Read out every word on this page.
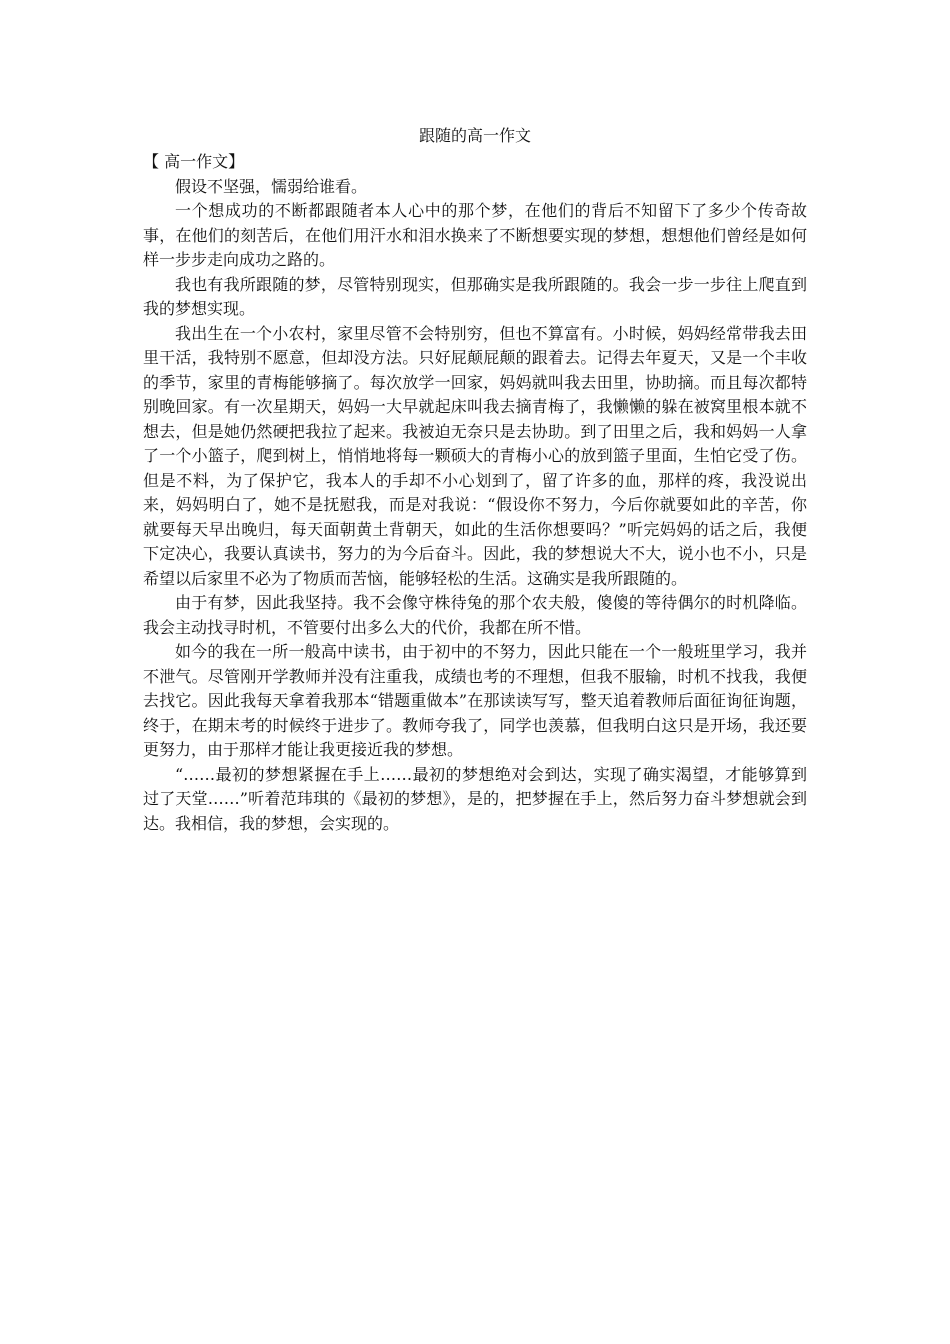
跟随的高一作文

【 高一作文】

假设不坚强，懦弱给谁看。

一个想成功的不断都跟随者本人心中的那个梦，在他们的背后不知留下了多少个传奇故事，在他们的刻苦后，在他们用汗水和泪水换来了不断想要实现的梦想，想想他们曾经是如何样一步步走向成功之路的。

我也有我所跟随的梦，尽管特别现实，但那确实是我所跟随的。我会一步一步往上爬直到我的梦想实现。

我出生在一个小农村，家里尽管不会特别穷，但也不算富有。小时候，妈妈经常带我去田里干活，我特别不愿意，但却没方法。只好屁颠屁颠的跟着去。记得去年夏天，又是一个丰收的季节，家里的青梅能够摘了。每次放学一回家，妈妈就叫我去田里，协助摘。而且每次都特别晚回家。有一次星期天，妈妈一大早就起床叫我去摘青梅了，我懒懒的躲在被窝里根本就不想去，但是她仍然硬把我拉了起来。我被迫无奈只是去协助。到了田里之后，我和妈妈一人拿了一个小篮子，爬到树上，悄悄地将每一颗硕大的青梅小心的放到篮子里面，生怕它受了伤。但是不料，为了保护它，我本人的手却不小心划到了，留了许多的血，那样的疼，我没说出来，妈妈明白了，她不是抚慰我，而是对我说：“假设你不努力，今后你就要如此的辛苦，你就要每天早出晚归，每天面朝黄土背朝天，如此的生活你想要吗？”听完妈妈的话之后，我便下定决心，我要认真读书，努力的为今后奋斗。因此，我的梦想说大不大，说小也不小，只是希望以后家里不必为了物质而苦恼，能够轻松的生活。这确实是我所跟随的。

由于有梦，因此我坚持。我不会像守株待兔的那个农夫般，傻傻的等待偶尔的时机降临。我会主动找寻时机，不管要付出多么大的代价，我都在所不惜。

如今的我在一所一般高中读书，由于初中的不努力，因此只能在一个一般班里学习，我并不泄气。尽管刚开学教师并没有注重我，成绩也考的不理想，但我不服输，时机不找我，我便去找它。因此我每天拿着我那本“错题重做本”在那读读写写，整天追着教师后面征询征询题，终于，在期末考的时候终于进步了。教师夸我了，同学也羡慕，但我明白这只是开场，我还要更努力，由于那样才能让我更接近我的梦想。

“……最初的梦想紧握在手上……最初的梦想绝对会到达，实现了确实渴望，才能够算到过了天堂……”听着范玮琪的《最初的梦想》，是的，把梦握在手上，然后努力奋斗梦想就会到达。我相信，我的梦想，会实现的。
